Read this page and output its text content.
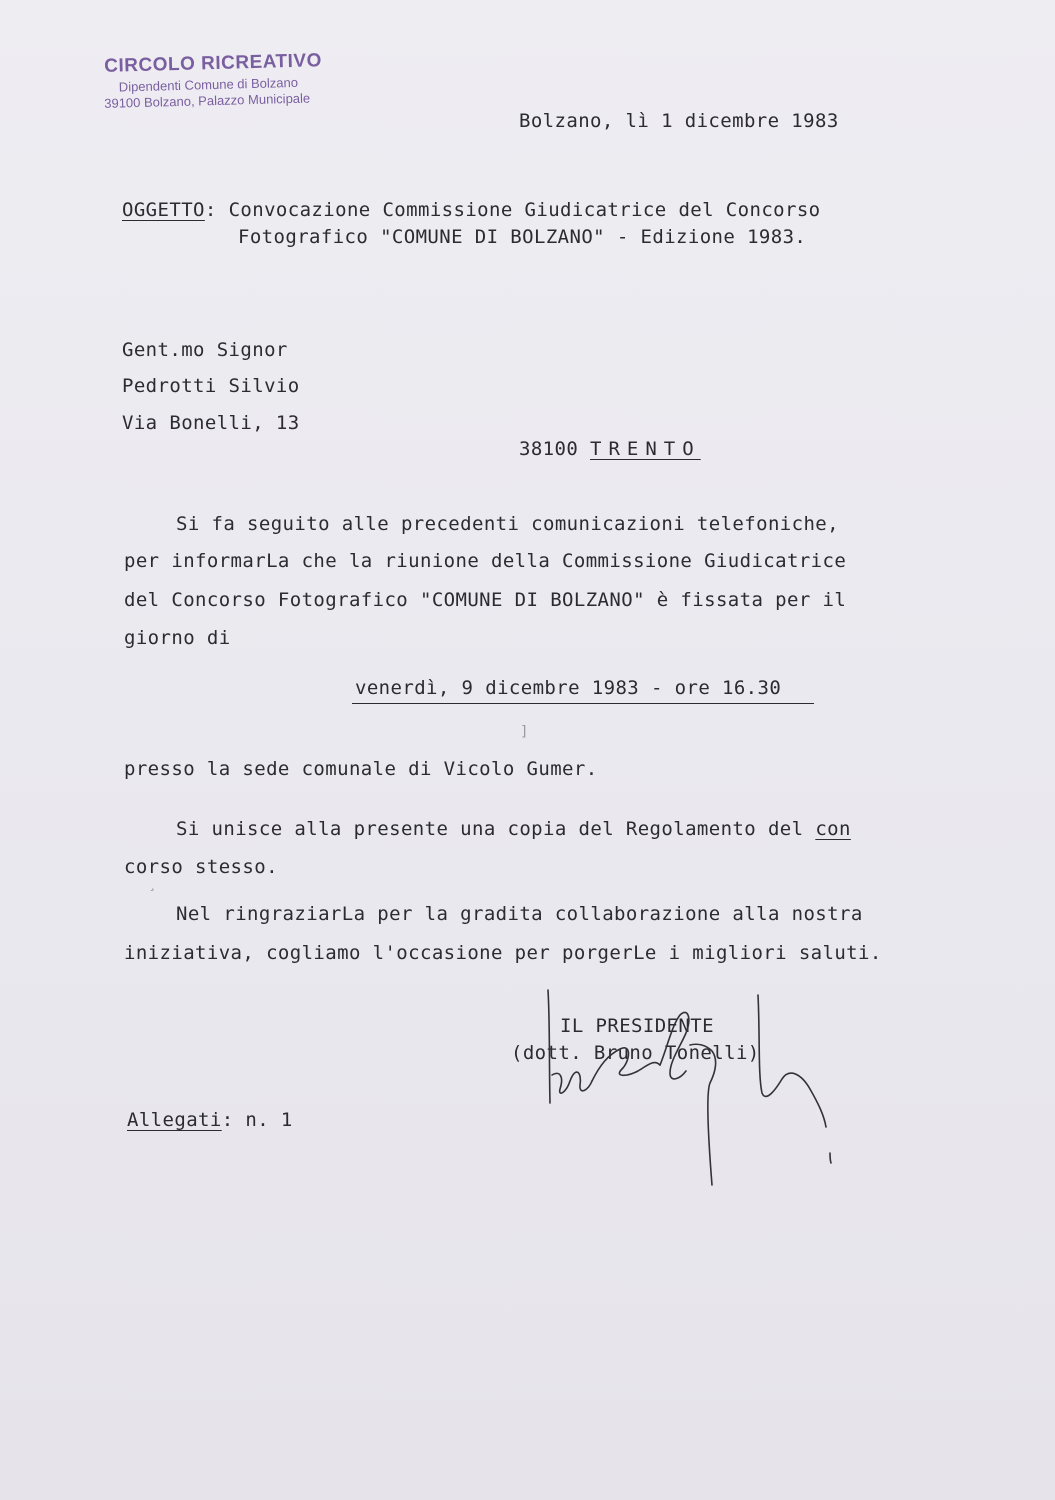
CIRCOLO RICREATIVO
Dipendenti Comune di Bolzano
39100 Bolzano, Palazzo Municipale
Bolzano, lì 1 dicembre 1983
OGGETTO: Convocazione Commissione Giudicatrice del Concorso
Fotografico "COMUNE DI BOLZANO" - Edizione 1983.
Gent.mo Signor
Pedrotti Silvio
Via Bonelli, 13
38100 TRENTO
Si fa seguito alle precedenti comunicazioni telefoniche,
per informarLa che la riunione della Commissione Giudicatrice
del Concorso Fotografico "COMUNE DI BOLZANO" è fissata per il
giorno di
venerdì, 9 dicembre 1983 - ore 16.30
presso la sede comunale di Vicolo Gumer.
Si unisce alla presente una copia del Regolamento del con
corso stesso.
Nel ringraziarLa per la gradita collaborazione alla nostra
iniziativa, cogliamo l'occasione per porgerLe i migliori saluti.
IL PRESIDENTE
(dott. Bruno Tonelli)
Allegati: n. 1
]
¸
